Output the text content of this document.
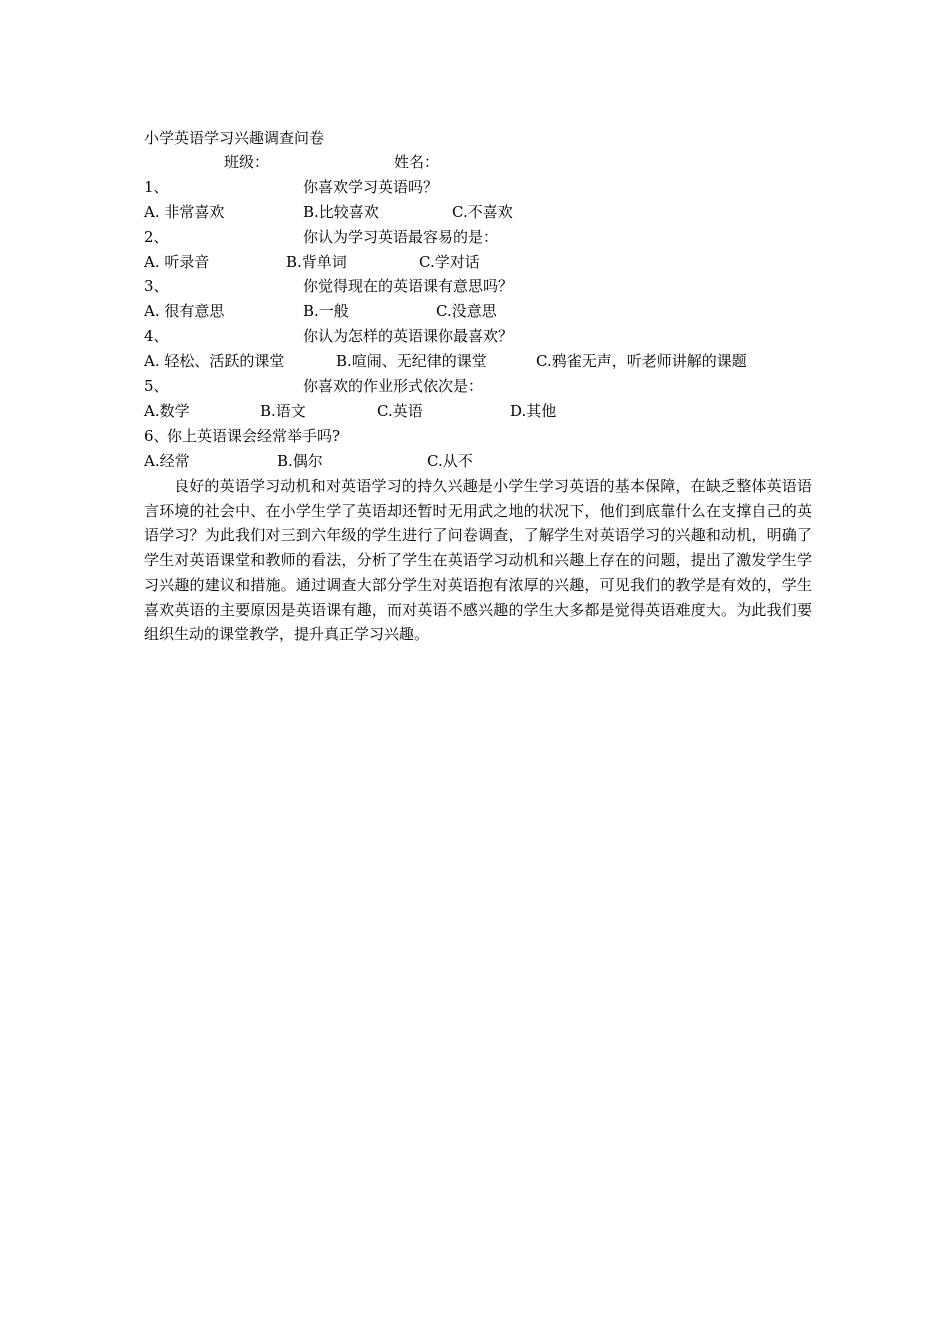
小学英语学习兴趣调查问卷
班级：	姓名：
1、	你喜欢学习英语吗？
A. 非常喜欢	B.比较喜欢	C.不喜欢
2、	你认为学习英语最容易的是：
A. 听录音	B.背单词	C.学对话
3、	你觉得现在的英语课有意思吗？
A. 很有意思	B.一般	C.没意思
4、	你认为怎样的英语课你最喜欢？
A. 轻松、活跃的课堂	B.喧闹、无纪律的课堂	C.鸦雀无声，听老师讲解的课题
5、	你喜欢的作业形式依次是：
A.数学	B.语文	C.英语	D.其他
6、
你上英语课会经常举手吗?
A.经常	B.偶尔	C.从不
良好的英语学习动机和对英语学习的持久兴趣是小学生学习英语的基本保障，在缺乏整体英语语言环境的社会中、在小学生学了英语却还暂时无用武之地的状况下，他们到底靠什么在支撑自己的英语学习？为此我们对三到六年级的学生进行了问卷调查，了解学生对英语学习的兴趣和动机，明确了学生对英语课堂和教师的看法，分析了学生在英语学习动机和兴趣上存在的问题，提出了激发学生学习兴趣的建议和措施。通过调查大部分学生对英语抱有浓厚的兴趣，可见我们的教学是有效的，学生喜欢英语的主要原因是英语课有趣，而对英语不感兴趣的学生大多都是觉得英语难度大。为此我们要组织生动的课堂教学，提升真正学习兴趣。
